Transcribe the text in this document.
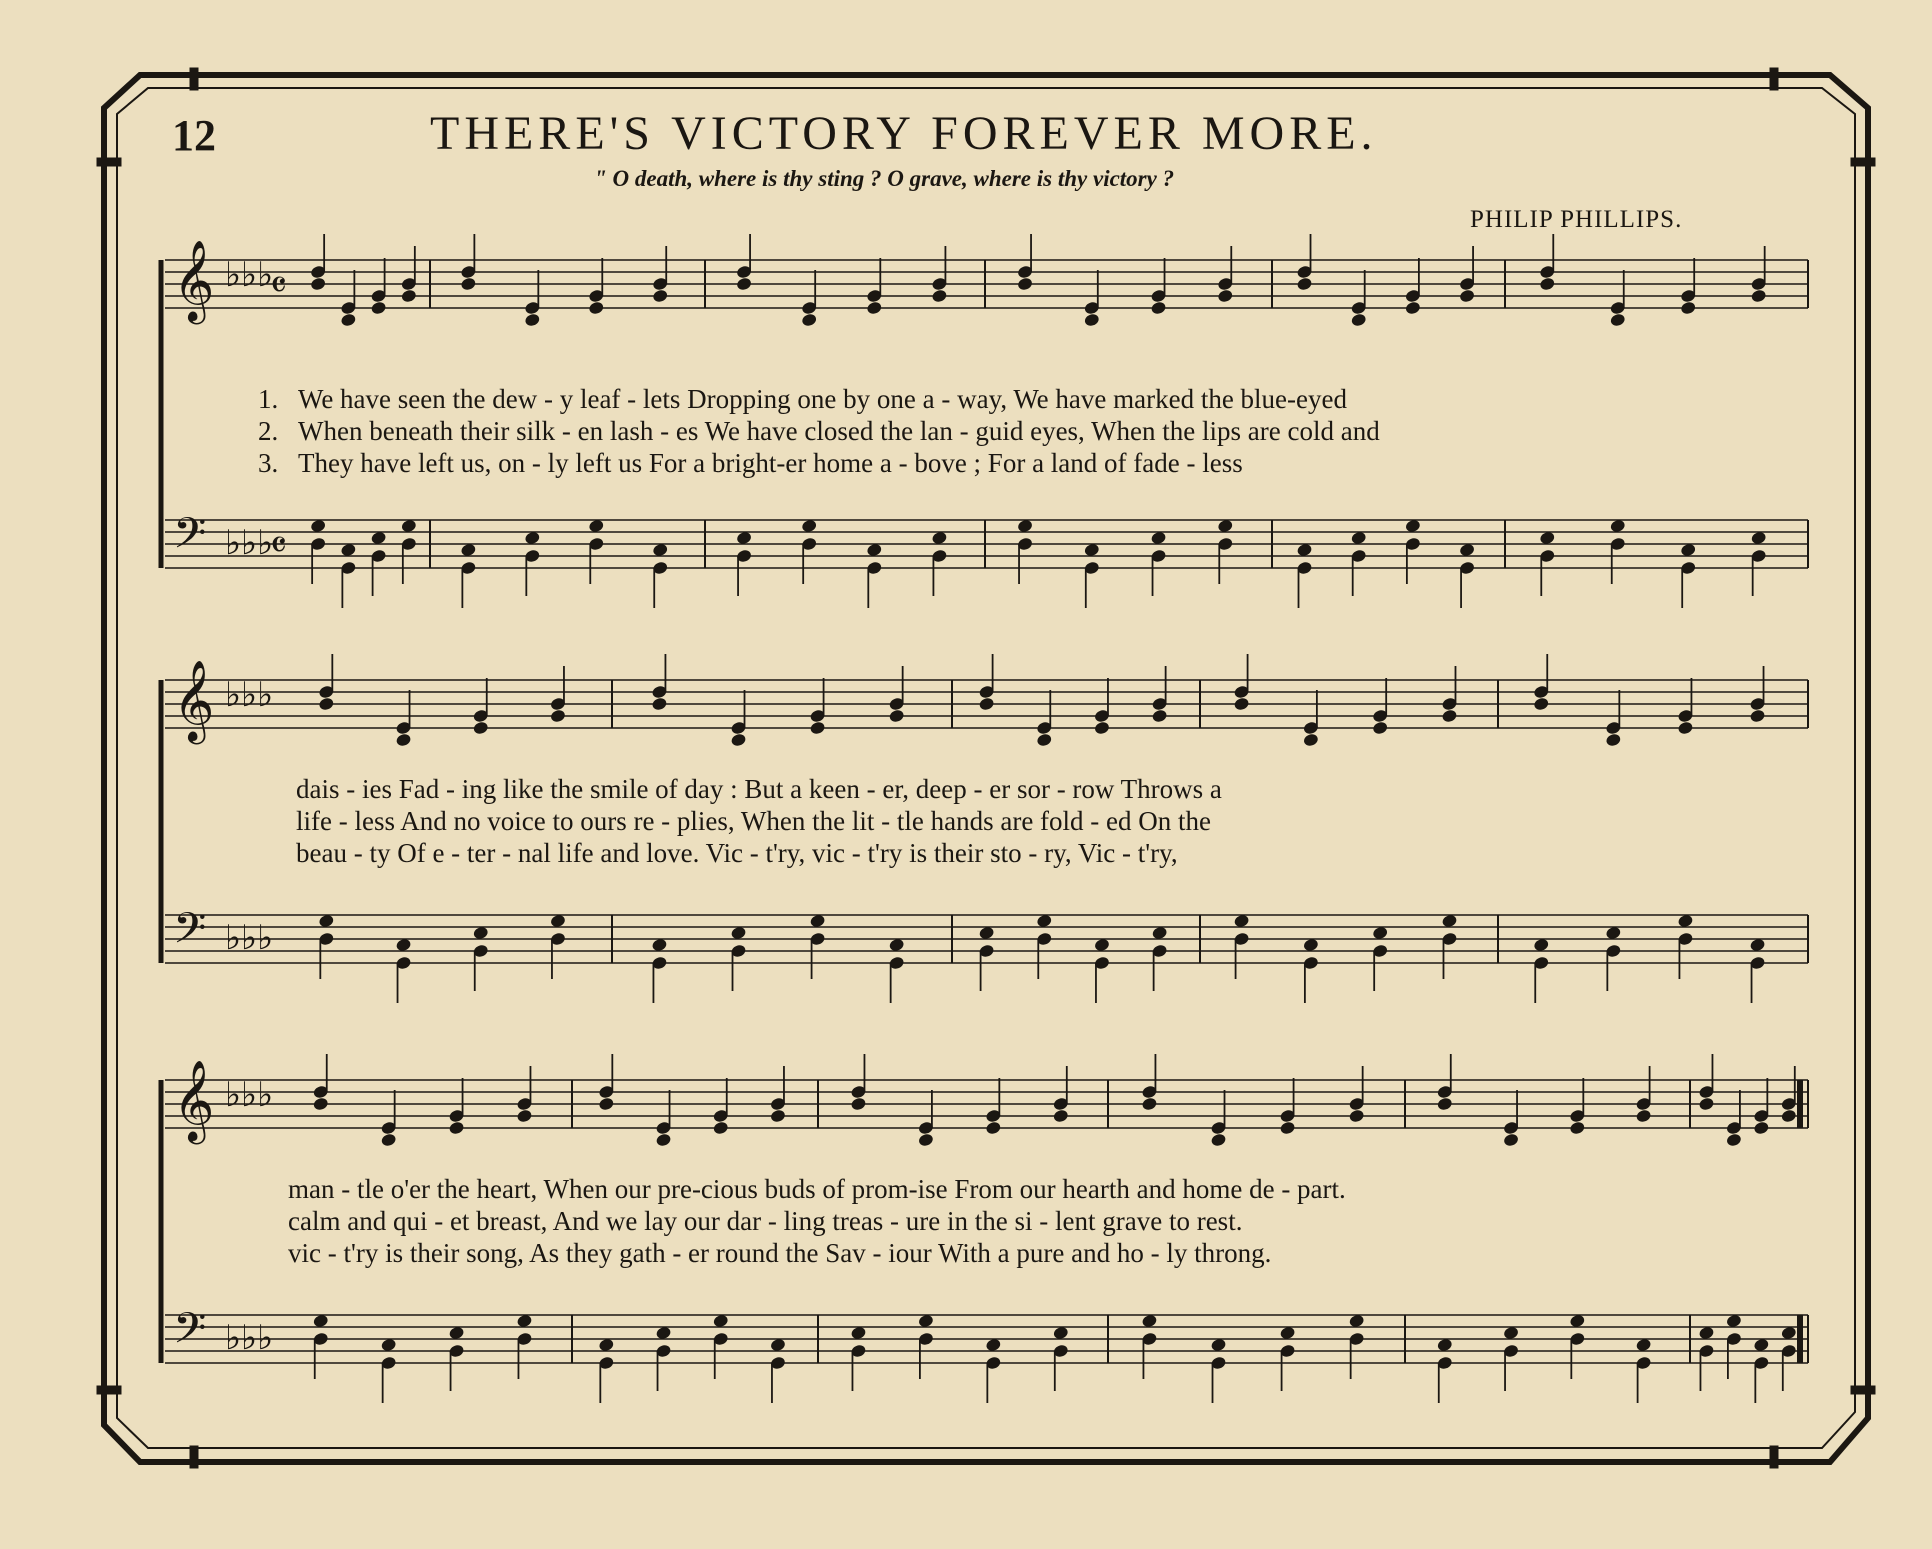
12	THERE'S VICTORY FOREVER MORE.
" O death, where is thy sting ? O grave, where is thy victory ?
PHILIP PHILLIPS.
𝄞 ♭♭♭
𝄴
𝄢 ♭♭♭
𝄴
𝄞 ♭♭♭
𝄢 ♭♭♭
𝄞 ♭♭♭
𝄢 ♭♭♭
1. We have seen the dew - y leaf - lets Dropping one by one a - way, We have marked the blue-eyed
2. When beneath their silk - en lash - es We have closed the lan - guid eyes, When the lips are cold and
3. They have left us, on - ly left us For a bright-er home a - bove ; For a land of fade - less
dais - ies Fad - ing like the smile of day : But a keen - er, deep - er sor - row Throws a
life - less And no voice to ours re - plies, When the lit - tle hands are fold - ed On the
beau - ty Of e - ter - nal life and love. Vic - t'ry, vic - t'ry is their sto - ry, Vic - t'ry,
man - tle o'er the heart, When our pre-cious buds of prom-ise From our hearth and home de - part.
calm and qui - et breast, And we lay our dar - ling treas - ure in the si - lent grave to rest.
vic - t'ry is their song, As they gath - er round the Sav - iour With a pure and ho - ly throng.
